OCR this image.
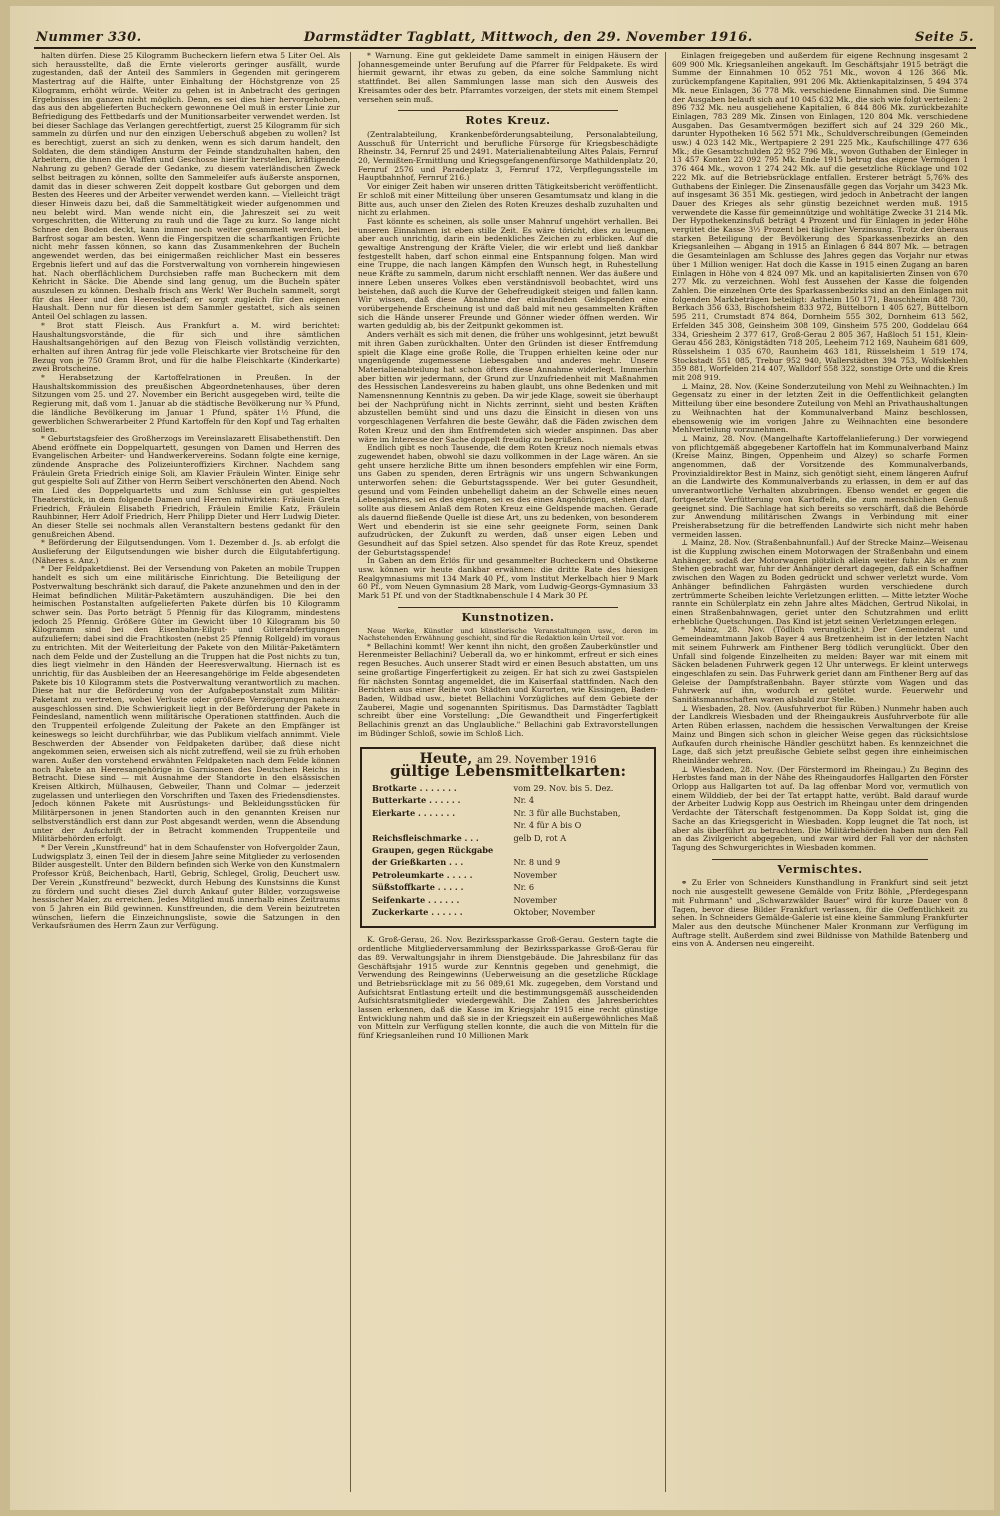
Nummer 330.	Darmstädter Tagblatt, Mittwoch, den 29. November 1916.	Seite 5.

halten dürfen. Diese 25 Kilogramm Bucheckern liefern etwa 5 Liter Oel. Als sich herausstellte, daß die Ernte vielerorts geringer ausfällt, wurde zugestanden, daß der Anteil des Sammlers in Gegenden mit geringerem Mastertrag auf die Hälfte, unter Einhaltung der Höchstgrenze von 25 Kilogramm, erhöht würde. Weiter zu gehen ist in Anbetracht des geringen Ergebnisses im ganzen nicht möglich. Denn, es sei dies hier hervorgehoben, das aus den abgelieferten Bucheckern gewonnene Oel muß in erster Linie zur Befriedigung des Fettbedarfs und der Munitionsarbeiter verwendet werden. Ist bei dieser Sachlage das Verlangen gerechtfertigt, zuerst 25 Kilogramm für sich sammeln zu dürfen und nur den einzigen Ueberschuß abgeben zu wollen? Ist es berechtigt, zuerst an sich zu denken, wenn es sich darum handelt, den Soldaten, die dem ständigen Ansturm der Feinde standzuhalten haben, den Arbeitern, die ihnen die Waffen und Geschosse hierfür herstellen, kräftigende Nahrung zu geben? Gerade der Gedanke, zu diesem vaterländischen Zweck selbst beitragen zu können, sollte den Sammeleifer aufs äußerste anspornen, damit das in dieser schweren Zeit doppelt kostbare Gut geborgen und dem Besten des Heeres und der Arbeiter verwendet werden kann. — Vielleicht trägt dieser Hinweis dazu bei, daß die Sammeltätigkeit wieder aufgenommen und neu belebt wird. Man wende nicht ein, die Jahreszeit sei zu weit vorgeschritten, die Witterung zu rauh und die Tage zu kurz. So lange nicht Schnee den Boden deckt, kann immer noch weiter gesammelt werden, bei Barfrost sogar am besten. Wenn die Fingerspitzen die scharfkantigen Früchte nicht mehr fassen können, so kann das Zusammenkehren der Bucheln angewendet werden, das bei einigermaßen reichlicher Mast ein besseres Ergebnis liefert und auf das die Forstverwaltung von vornherein hingewiesen hat. Nach oberflächlichem Durchsieben raffe man Bucheckern mit dem Kehricht in Säcke. Die Abende sind lang genug, um die Bucheln später auszulesen zu können. Deshalb frisch ans Werk! Wer Bucheln sammelt, sorgt für das Heer und den Heeresbedarf; er sorgt zugleich für den eigenen Haushalt. Denn nur für diesen ist dem Sammler gestattet, sich als seinen Anteil Oel schlagen zu lassen.

* Brot statt Fleisch. Aus Frankfurt a. M. wird berichtet: Haushaltungsvorstände, die für sich und ihre sämtlichen Haushaltsangehörigen auf den Bezug von Fleisch vollständig verzichten, erhalten auf ihren Antrag für jede volle Fleischkarte vier Brotscheine für den Bezug von je 750 Gramm Brot, und für die halbe Fleischkarte (Kinderkarte) zwei Brotscheine.

* Herabsetzung der Kartoffelrationen in Preußen. In der Haushaltskommission des preußischen Abgeordnetenhauses, über deren Sitzungen vom 25. und 27. November ein Bericht ausgegeben wird, teilte die Regierung mit, daß vom 1. Januar ab die städtische Bevölkerung nur ¾ Pfund, die ländliche Bevölkerung im Januar 1 Pfund, später 1½ Pfund, die gewerblichen Schwerarbeiter 2 Pfund Kartoffeln für den Kopf und Tag erhalten sollen.

* Geburtstagsfeier des Großherzogs im Vereinslazarett Elisabethenstift. Den Abend eröffnete ein Doppelquartett, gesungen von Damen und Herren des Evangelischen Arbeiter- und Handwerkervereins. Sodann folgte eine kernige, zündende Ansprache des Polizeiunteroffiziers Kirchner. Nachdem sang Fräulein Greta Friedrich einige Soli, am Klavier Fräulein Winter. Einige sehr gut gespielte Soli auf Zither von Herrn Seibert verschönerten den Abend. Noch ein Lied des Doppelquartetts und zum Schlusse ein gut gespieltes Theaterstück, in dem folgende Damen und Herren mitwirkten: Fräulein Greta Friedrich, Fräulein Elisabeth Friedrich, Fräulein Emilie Katz, Fräulein Rauhbinner, Herr Adolf Friedrich, Herr Philipp Dieter und Herr Ludwig Dieter. An dieser Stelle sei nochmals allen Veranstaltern bestens gedankt für den genußreichen Abend.

* Beförderung der Eilgutsendungen. Vom 1. Dezember d. Js. ab erfolgt die Auslieferung der Eilgutsendungen wie bisher durch die Eilgutabfertigung. (Näheres s. Anz.)

* Der Feldpaketdienst. Bei der Versendung von Paketen an mobile Truppen handelt es sich um eine militärische Einrichtung. Die Beteiligung der Postverwaltung beschränkt sich darauf, die Pakete anzunehmen und den in der Heimat befindlichen Militär-Paketämtern auszuhändigen. Die bei den heimischen Postanstalten aufgelieferten Pakete dürfen bis 10 Kilogramm schwer sein. Das Porto beträgt 5 Pfennig für das Kilogramm, mindestens jedoch 25 Pfennig. Größere Güter im Gewicht über 10 Kilogramm bis 50 Kilogramm sind bei den Eisenbahn-Eilgut- und Güterabfertigungen aufzuliefern; dabei sind die Frachtkosten (nebst 25 Pfennig Rollgeld) im voraus zu entrichten. Mit der Weiterleitung der Pakete von den Militär-Paketämtern nach dem Felde und der Zustellung an die Truppen hat die Post nichts zu tun, dies liegt vielmehr in den Händen der Heeresverwaltung. Hiernach ist es unrichtig, für das Ausbleiben der an Heeresangehörige im Felde abgesendeten Pakete bis 10 Kilogramm stets die Postverwaltung verantwortlich zu machen. Diese hat nur die Beförderung von der Aufgabepostanstalt zum Militär-Paketamt zu vertreten, wobei Verluste oder größere Verzögerungen nahezu ausgeschlossen sind. Die Schwierigkeit liegt in der Beförderung der Pakete in Feindesland, namentlich wenn militärische Operationen stattfinden. Auch die den Truppenteil erfolgende Zuleitung der Pakete an den Empfänger ist keineswegs so leicht durchführbar, wie das Publikum vielfach annimmt. Viele Beschwerden der Absender von Feldpaketen darüber, daß diese nicht angekommen seien, erweisen sich als nicht zutreffend, weil sie zu früh erhoben waren. Außer den vorstehend erwähnten Feldpaketen nach dem Felde können noch Pakete an Heeresangehörige in Garnisonen des Deutschen Reichs in Betracht. Diese sind — mit Ausnahme der Standorte in den elsässischen Kreisen Altkirch, Mülhausen, Gebweiler, Thann und Colmar — jederzeit zugelassen und unterliegen den Vorschriften und Taxen des Friedensdienstes. Jedoch können Pakete mit Ausrüstungs- und Bekleidungsstücken für Militärpersonen in jenen Standorten auch in den genannten Kreisen nur selbstverständlich erst dann zur Post abgesandt werden, wenn die Absendung unter der Aufschrift der in Betracht kommenden Truppenteile und Militärbehörden erfolgt.

* Der Verein „Kunstfreund" hat in dem Schaufenster von Hofvergolder Zaun, Ludwigsplatz 3, einen Teil der in diesem Jahre seine Mitglieder zu verlosenden Bilder ausgestellt. Unter den Bildern befinden sich Werke von den Kunstmalern Professor Krüß, Beichenbach, Hartl, Gebrig, Schlegel, Grolig, Deuchert usw. Der Verein „Kunstfreund" bezweckt, durch Hebung des Kunstsinns die Kunst zu fördern und sucht dieses Ziel durch Ankauf guter Bilder, vorzugsweise hessischer Maler, zu erreichen. Jedes Mitglied muß innerhalb eines Zeitraums von 5 Jahren ein Bild gewinnen. Kunstfreunden, die dem Verein beizutreten wünschen, liefern die Einzeichnungsliste, sowie die Satzungen in den Verkaufsräumen des Herrn Zaun zur Verfügung.

* Warnung. Eine gut gekleidete Dame sammelt in einigen Häusern der Johannesgemeinde unter Berufung auf die Pfarrer für Feldpakete. Es wird hiermit gewarnt, ihr etwas zu geben, da eine solche Sammlung nicht stattfindet. Bei allen Sammlungen lasse man sich den Ausweis des Kreisamtes oder des betr. Pfarramtes vorzeigen, der stets mit einem Stempel versehen sein muß.

Rotes Kreuz.

(Zentralabteilung, Krankenbeförderungsabteilung, Personalabteilung, Ausschuß für Unterricht und berufliche Fürsorge für Kriegsbeschädigte Rheinstr. 34, Fernruf 25 und 2491. Materialienabteilung Altes Palais, Fernruf 20, Vermißten-Ermittlung und Kriegsgefangenenfürsorge Mathildenplatz 20, Fernruf 2576 und Paradeplatz 3, Fernruf 172, Verpflegungsstelle im Hauptbahnhof, Fernruf 216.)

Vor einiger Zeit haben wir unseren dritten Tätigkeitsbericht veröffentlicht. Er schloß mit einer Mitteilung über unseren Gesamtumsatz und klang in die Bitte aus, auch unser den Zielen des Roten Kreuzes deshalb zuzuhalten und nicht zu erlahmen.

Fast könnte es scheinen, als solle unser Mahnruf ungehört verhallen. Bei unseren Einnahmen ist eben stille Zeit. Es wäre töricht, dies zu leugnen, aber auch unrichtig, darin ein bedenkliches Zeichen zu erblicken. Auf die gewaltige Anstrengung der Kräfte Vieler, die wir erlebt und ließ dankbar festgestellt haben, darf schon einmal eine Entspannung folgen. Man wird eine Truppe, die nach langen Kämpfen den Wunsch hegt, in Ruhestellung neue Kräfte zu sammeln, darum nicht erschlafft nennen. Wer das äußere und innere Leben unseres Volkes eben verständnisvoll beobachtet, wird uns beistehen, daß auch die Kurve der Gebefreudigkeit steigen und fallen kann. Wir wissen, daß diese Abnahme der einlaufenden Geldspenden eine vorübergehende Erscheinung ist und daß bald mit neu gesammelten Kräften sich die Hände unserer Freunde und Gönner wieder öffnen werden. Wir warten geduldig ab, bis der Zeitpunkt gekommen ist.

Anders verhält es sich mit denen, die früher uns wohlgesinnt, jetzt bewußt mit ihren Gaben zurückhalten. Unter den Gründen ist dieser Entfremdung spielt die Klage eine große Rolle, die Truppen erhielten keine oder nur ungenügende zugemessene Liebesgaben und anderes mehr. Unsere Materialienabteilung hat schon öfters diese Annahme widerlegt. Immerhin aber bitten wir jedermann, der Grund zur Unzufriedenheit mit Maßnahmen des Hessischen Landesvereins zu haben glaubt, uns ohne Bedenken und mit Namensnennung Kenntnis zu geben. Da wir jede Klage, soweit sie überhaupt bei der Nachprüfung nicht in Nichts zerrinnt, sieht und besten Kräften abzustellen bemüht sind und uns dazu die Einsicht in diesen von uns vorgeschlagenen Verfahren die beste Gewähr, daß die Fäden zwischen dem Roten Kreuz und den ihm Entfremdeten sich wieder anspinnen. Das aber wäre im Interesse der Sache doppelt freudig zu begrüßen.

Endlich gibt es noch Tausende, die dem Roten Kreuz noch niemals etwas zugewendet haben, obwohl sie dazu vollkommen in der Lage wären. An sie geht unsere herzliche Bitte um ihnen besonders empfehlen wir eine Form, uns Gaben zu spenden, deren Erträgnis wir uns ungern Schwankungen unterworfen sehen: die Geburtstagsspende. Wer bei guter Gesundheit, gesund und vom Feinden unbehelligt daheim an der Schwelle eines neuen Lebensjahres, sei es des eigenen, sei es des eines Angehörigen, stehen darf, sollte aus diesem Anlaß dem Roten Kreuz eine Geldspende machen. Gerade als dauernd fließende Quelle ist diese Art, uns zu bedenken, von besonderem Wert und ebenderin ist sie eine sehr geeignete Form, seinen Dank aufzudrücken, der Zukunft zu werden, daß unser eigen Leben und Gesundheit auf das Spiel setzen. Also spendet für das Rote Kreuz, spendet der Geburtstagsspende!

In Gaben an dem Erlös für und gesammelter Bucheckern und Obstkerne usw. können wir heute dankbar erwähnen: die dritte Rate des hiesigen Realgymnasiums mit 134 Mark 40 Pf., vom Institut Merkelbach hier 9 Mark 60 Pf., vom Neuen Gymnasium 28 Mark, vom Ludwig-Georgs-Gymnasium 33 Mark 51 Pf. und von der Stadtknabenschule I 4 Mark 30 Pf.

Kunstnotizen.

Neue Werke, Künstler und künstlerische Veranstaltungen usw., deren im Nachstehenden Erwähnung geschieht, sind für die Redaktion kein Urteil vor.

* Bellachini kommt! Wer kennt ihn nicht, den großen Zauberkünstler und Herenmeister Bellachini? Ueberall da, wo er hinkommt, erfreut er sich eines regen Besuches. Auch unserer Stadt wird er einen Besuch abstatten, um uns seine großartige Fingerfertigkeit zu zeigen. Er hat sich zu zwei Gastspielen für nächsten Sonntag angemeldet, die im Kaiserfaal stattfinden. Nach den Berichten aus einer Reihe von Städten und Kurorten, wie Kissingen, Baden-Baden, Wildbad usw., bietet Bellachini Vorzügliches auf dem Gebiete der Zauberei, Magie und sogenannten Spiritismus. Das Darmstädter Tagblatt schreibt über eine Vorstellung: „Die Gewandtheit und Fingerfertigkeit Bellachinis grenzt an das Unglaubliche." Bellachini gab Extravorstellungen im Büdinger Schloß, sowie im Schloß Lich.

Heute, am 29. November 1916
gültige Lebensmittelkarten:
Brotkarte . . . . . . .	vom 29. Nov. bis 5. Dez.
Butterkarte . . . . . .	Nr. 4
Eierkarte . . . . . . .	Nr. 3 für alle Buchstaben,
	Nr. 4 für A bis O
Reichsfleischmarke . . .	gelb D, rot A
Graupen, gegen Rückgabe	
der Grießkarten . . .	Nr. 8 und 9
Petroleumkarte . . . . .	November
Süßstoffkarte . . . . .	Nr. 6
Seifenkarte . . . . . .	November
Zuckerkarte . . . . . .	Oktober, November

K. Groß-Gerau, 26. Nov. Bezirkssparkasse Groß-Gerau. Gestern tagte die ordentliche Mitgliederversammlung der Bezirkssparkasse Groß-Gerau für das 89. Verwaltungsjahr in ihrem Dienstgebäude. Die Jahresbilanz für das Geschäftsjahr 1915 wurde zur Kenntnis gegeben und genehmigt, die Verwendung des Reingewinns (Ueberweisung an die gesetzliche Rücklage und Betriebsrücklage mit zu 56 089,61 Mk. zugegeben, dem Vorstand und Aufsichtsrat Entlastung erteilt und die bestimmungsgemäß ausscheidenden Aufsichtsratsmitglieder wiedergewählt. Die Zahlen des Jahresberichtes lassen erkennen, daß die Kasse im Kriegsjahr 1915 eine recht günstige Entwicklung nahm und daß sie in der Kriegszeit ein außergewöhnliches Maß von Mitteln zur Verfügung stellen konnte, die auch die von Mitteln für die fünf Kriegsanleihen rund 10 Millionen Mark

Einlagen freigegeben und außerdem für eigene Rechnung insgesamt 2 609 900 Mk. Kriegsanleihen angekauft. Im Geschäftsjahr 1915 beträgt die Summe der Einnahmen 10 052 751 Mk., wovon 4 126 366 Mk. zurückempfangene Kapitalien, 991 206 Mk. Aktienkapitalzinsen, 5 494 374 Mk. neue Einlagen, 36 778 Mk. verschiedene Einnahmen sind. Die Summe der Ausgaben belauft sich auf 10 045 632 Mk., die sich wie folgt verteilen: 2 896 732 Mk. neu ausgeliehene Kapitalien, 6 844 806 Mk. zurückbezahlte Einlagen, 783 289 Mk. Zinsen von Einlagen, 120 804 Mk. verschiedene Ausgaben. Das Gesamtvermögen beziffert sich auf 24 329 260 Mk., darunter Hypotheken 16 562 571 Mk., Schuldverschreibungen (Gemeinden usw.) 4 023 142 Mk., Wertpapiere 2 291 225 Mk., Kaufschillinge 477 636 Mk.; die Gesamtschulden 22 952 796 Mk., wovon Guthaben der Einleger in 13 457 Konten 22 092 795 Mk. Ende 1915 betrug das eigene Vermögen 1 376 464 Mk., wovon 1 274 242 Mk. auf die gesetzliche Rücklage und 102 222 Mk. auf die Betriebsrücklage entfallen. Ersterer beträgt 5,76% des Guthabens der Einleger. Die Zinsenausfälle gegen das Vorjahr um 3423 Mk. auf insgesamt 36 351 Mk. gestiegen, wird jedoch in Anbetracht der langen Dauer des Krieges als sehr günstig bezeichnet werden muß. 1915 verwendete die Kasse für gemeinnützige und wohltätige Zwecke 31 214 Mk. Der Hypothekenzinsfuß beträgt 4 Prozent und für Einlagen in jeder Höhe vergütet die Kasse 3½ Prozent bei täglicher Verzinsung. Trotz der überaus starken Beteiligung der Bevölkerung des Sparkassenbezirks an den Kriegsanleihen — Abgang in 1915 an Einlagen 6 844 807 Mk. — betragen die Gesamteinlagen am Schlusse des Jahres gegen das Vorjahr nur etwas über 1 Million weniger. Hat doch die Kasse in 1915 einen Zugang an baren Einlagen in Höhe von 4 824 097 Mk. und an kapitalisierten Zinsen von 670 277 Mk. zu verzeichnen. Wohl fest Aussehen der Kasse die folgenden Zahlen. Die einzelnen Orte des Sparkassenbezirks sind an den Einlagen mit folgenden Markbeträgen beteiligt: Astheim 150 171, Bauschheim 488 730, Berkach 356 633, Bischofsheim 833 972, Büttelborn 1 405 627, Büttelborn 595 211, Crumstadt 874 864, Dornheim 555 302, Dornheim 613 562, Erfelden 345 308, Geinsheim 308 109, Ginsheim 575 200, Goddelau 664 334, Griesheim 2 377 617, Groß-Gerau 2 805 367, Haßloch 51 151, Klein-Gerau 456 283, Königstädten 718 205, Leeheim 712 169, Nauheim 681 609, Rüsselsheim 1 035 670, Raunheim 463 181, Rüsselsheim 1 519 174, Stockstadt 551 085, Trebur 952 940, Wallerstädten 394 753, Wolfskehlen 359 881, Worfelden 214 407, Walldorf 558 322, sonstige Orte und die Kreis mit 208 919.

⊥ Mainz, 28. Nov. (Keine Sonderzuteilung von Mehl zu Weihnachten.) Im Gegensatz zu einer in der letzten Zeit in die Oeffentlichkeit gelangten Mitteilung über eine besondere Zuteilung von Mehl an Privathaushaltungen zu Weihnachten hat der Kommunalverband Mainz beschlossen, ebensowenig wie im vorigen Jahre zu Weihnachten eine besondere Mehlverteilung vorzunehmen.

⊥ Mainz, 28. Nov. (Mangelhafte Kartoffelanlieferung.) Der vorwiegend von pflichtgemäß abgegebener Kartoffeln hat im Kommunalverband Mainz (Kreise Mainz, Bingen, Oppenheim und Alzey) so scharfe Formen angenommen, daß der Vorsitzende des Kommunalverbands, Provinzialdirektor Best in Mainz, sich genötigt sieht, einem längeren Aufruf an die Landwirte des Kommunalverbands zu erlassen, in dem er auf das unverantwortliche Verhalten abzubringen. Ebenso wendet er gegen die fortgesetzte Verfütterung von Kartoffeln, die zum menschlichen Genuß geeignet sind. Die Sachlage hat sich bereits so verschärft, daß die Behörde zur Anwendung militärischen Zwangs in Verbindung mit einer Preisherabsetzung für die betreffenden Landwirte sich nicht mehr haben vermeiden lassen.

⊥ Mainz, 28. Nov. (Straßenbahnunfall.) Auf der Strecke Mainz—Weisenau ist die Kupplung zwischen einem Motorwagen der Straßenbahn und einem Anhänger, sodaß der Motorwagen plötzlich allein weiter fuhr. Als er zum Stehen gebracht war, fuhr der Anhänger derart dagegen, daß ein Schaffner zwischen den Wagen zu Boden gedrückt und schwer verletzt wurde. Vom Anhänger befindlichen Fahrgästen wurden verschiedene durch zertrümmerte Scheiben leichte Verletzungen erlitten. — Mitte letzter Woche rannte ein Schülerplatz ein zehn Jahre altes Mädchen, Gertrud Nikolai, in einen Straßenbahnwagen, geriet unter den Schutzrahmen und erlitt erhebliche Quetschungen. Das Kind ist jetzt seinen Verletzungen erlegen.

* Mainz, 28. Nov. (Tödlich verunglückt.) Der Gemeinderat und Gemeindeamtmann Jakob Bayer 4 aus Bretzenheim ist in der letzten Nacht mit seinem Fuhrwerk am Finthener Berg tödlich verunglückt. Über den Unfall sind folgende Einzelheiten zu melden: Bayer war mit einem mit Säcken beladenen Fuhrwerk gegen 12 Uhr unterwegs. Er kleint unterwegs eingeschlafen zu sein. Das Fuhrwerk geriet dann am Finthener Berg auf das Geleise der Dampfstraßenbahn. Bayer stürzte vom Wagen und das Fuhrwerk auf ihn, wodurch er getötet wurde. Feuerwehr und Sanitätsmannschaften waren alsbald zur Stelle.

⊥ Wiesbaden, 28. Nov. (Ausfuhrverbot für Rüben.) Nunmehr haben auch der Landkreis Wiesbaden und der Rheingaukreis Ausfuhrverbote für alle Arten Rüben erlassen, nachdem die hessischen Verwaltungen der Kreise Mainz und Bingen sich schon in gleicher Weise gegen das rücksichtslose Aufkaufen durch rheinische Händler geschützt haben. Es kennzeichnet die Lage, daß sich jetzt preußische Gebiete selbst gegen ihre einheimischen Rheinländer wehren.

⊥ Wiesbaden, 28. Nov. (Der Förstermord im Rheingau.) Zu Beginn des Herbstes fand man in der Nähe des Rheingaudorfes Hallgarten den Förster Orlopp aus Hallgarten tot auf. Da lag offenbar Mord vor, vermutlich von einem Wilddieb, der bei der Tat ertappt hatte, verübt. Bald darauf wurde der Arbeiter Ludwig Kopp aus Oestrich im Rheingau unter dem dringenden Verdachte der Täterschaft festgenommen. Da Kopp Soldat ist, ging die Sache an das Kriegsgericht in Wiesbaden. Kopp leugnet die Tat noch, ist aber als überführt zu betrachten. Die Militärbehörden haben nun den Fall an das Zivilgericht abgegeben, und zwar wird der Fall vor der nächsten Tagung des Schwurgerichtes in Wiesbaden kommen.

Vermischtes.

⚭ Zu Erler von Schneiders Kunsthandlung in Frankfurt sind seit jetzt noch nie ausgestellt gewesene Gemälde von Fritz Böhle, „Pferdegespann mit Fuhrmann" und „Schwarzwälder Bauer" wird für kurze Dauer von 8 Tagen, bevor diese Bilder Frankfurt verlassen, für die Oeffentlichkeit zu sehen. In Schneiders Gemälde-Galerie ist eine kleine Sammlung Frankfurter Maler aus den deutsche Münchener Maler Kronmann zur Verfügung im Auftrage stellt. Außerdem sind zwei Bildnisse von Mathilde Batenberg und eins von A. Andersen neu eingereiht.
